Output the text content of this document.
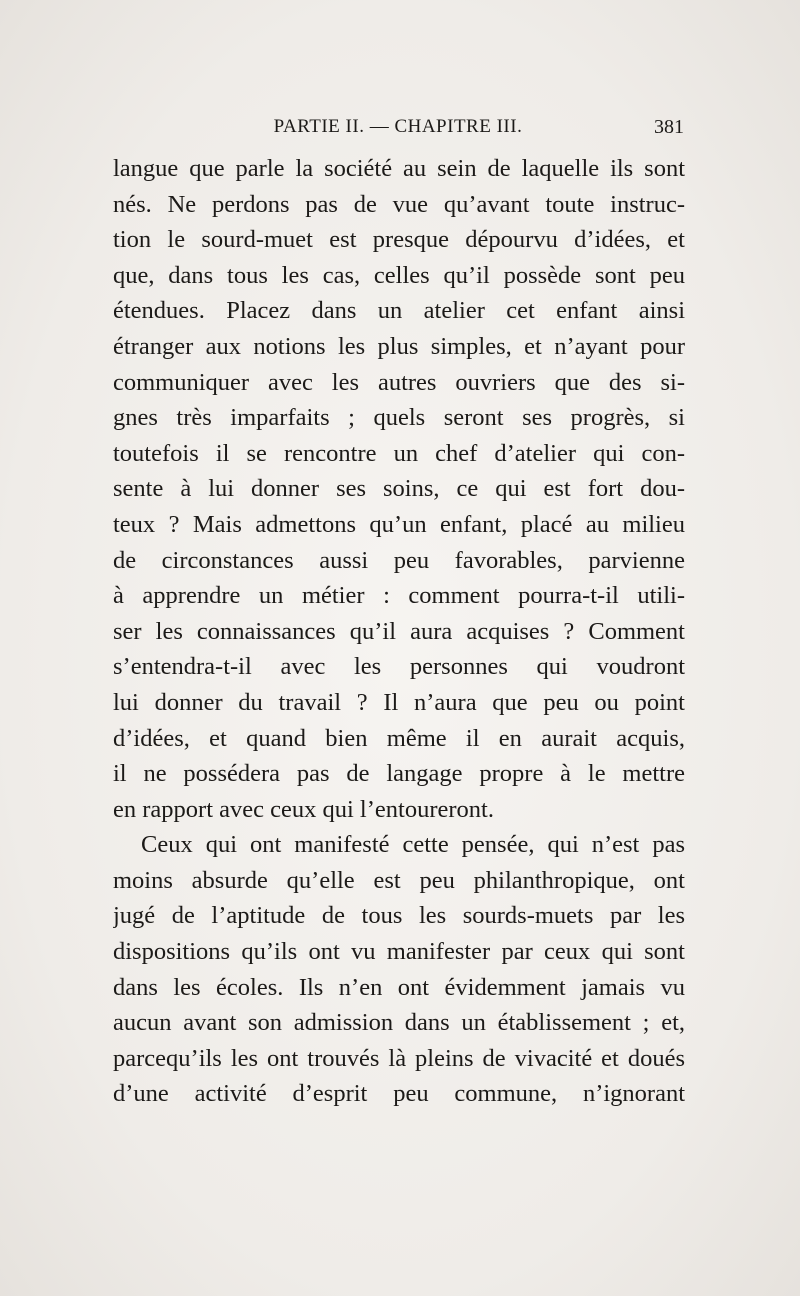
PARTIE II. — CHAPITRE III.	381
langue que parle la société au sein de laquelle ils sont
nés. Ne perdons pas de vue qu’avant toute instruc-
tion le sourd-muet est presque dépourvu d’idées, et
que, dans tous les cas, celles qu’il possède sont peu
étendues. Placez dans un atelier cet enfant ainsi
étranger aux notions les plus simples, et n’ayant pour
communiquer avec les autres ouvriers que des si-
gnes très imparfaits ; quels seront ses progrès, si
toutefois il se rencontre un chef d’atelier qui con-
sente à lui donner ses soins, ce qui est fort dou-
teux ? Mais admettons qu’un enfant, placé au milieu
de circonstances aussi peu favorables, parvienne
à apprendre un métier : comment pourra-t-il utili-
ser les connaissances qu’il aura acquises ? Comment
s’entendra-t-il avec les personnes qui voudront
lui donner du travail ? Il n’aura que peu ou point
d’idées, et quand bien même il en aurait acquis,
il ne possédera pas de langage propre à le mettre
en rapport avec ceux qui l’entoureront.
Ceux qui ont manifesté cette pensée, qui n’est pas
moins absurde qu’elle est peu philanthropique, ont
jugé de l’aptitude de tous les sourds-muets par les
dispositions qu’ils ont vu manifester par ceux qui sont
dans les écoles. Ils n’en ont évidemment jamais vu
aucun avant son admission dans un établissement ; et,
parcequ’ils les ont trouvés là pleins de vivacité et doués
d’une activité d’esprit peu commune, n’ignorant
